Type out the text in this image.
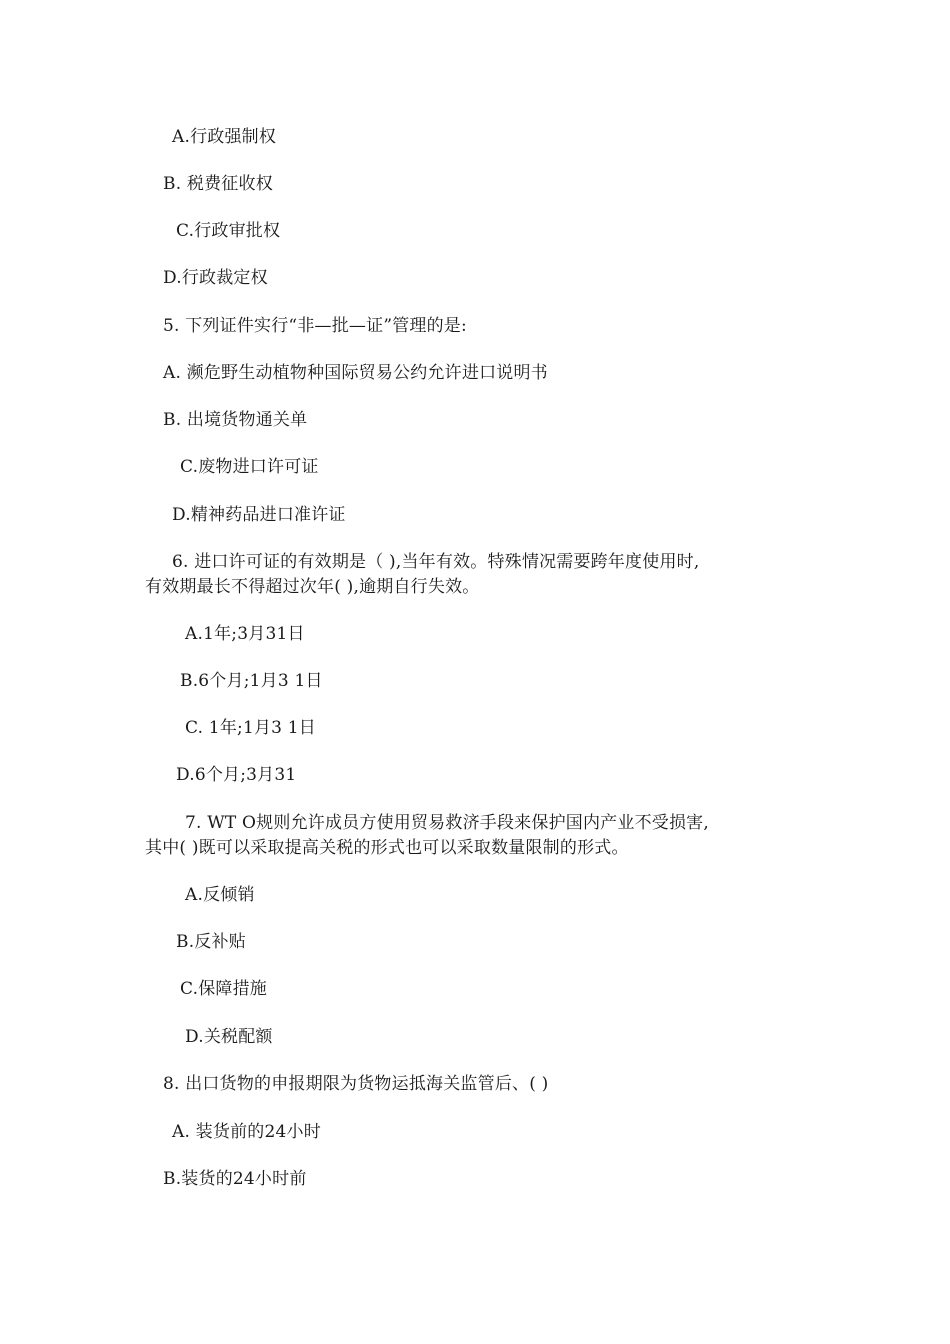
A.行政强制权
B. 税费征收权
C.行政审批权
D.行政裁定权
5. 下列证件实行“非—批—证”管理的是:
A. 濒危野生动植物种国际贸易公约允许进口说明书
B. 出境货物通关单
C.废物进口许可证
D.精神药品进口准许证
6. 进口许可证的有效期是（ ),当年有效。特殊情况需要跨年度使用时,
有效期最长不得超过次年( ),逾期自行失效。
A.1年;3月31日
B.6个月;1月3 1日
C. 1年;1月3 1日
D.6个月;3月31
7. WT O规则允许成员方使用贸易救济手段来保护国内产业不受损害,
其中( )既可以采取提高关税的形式也可以采取数量限制的形式。
A.反倾销
B.反补贴
C.保障措施
D.关税配额
8. 出口货物的申报期限为货物运抵海关监管后、( )
A. 装货前的24小时
B.装货的24小时前
